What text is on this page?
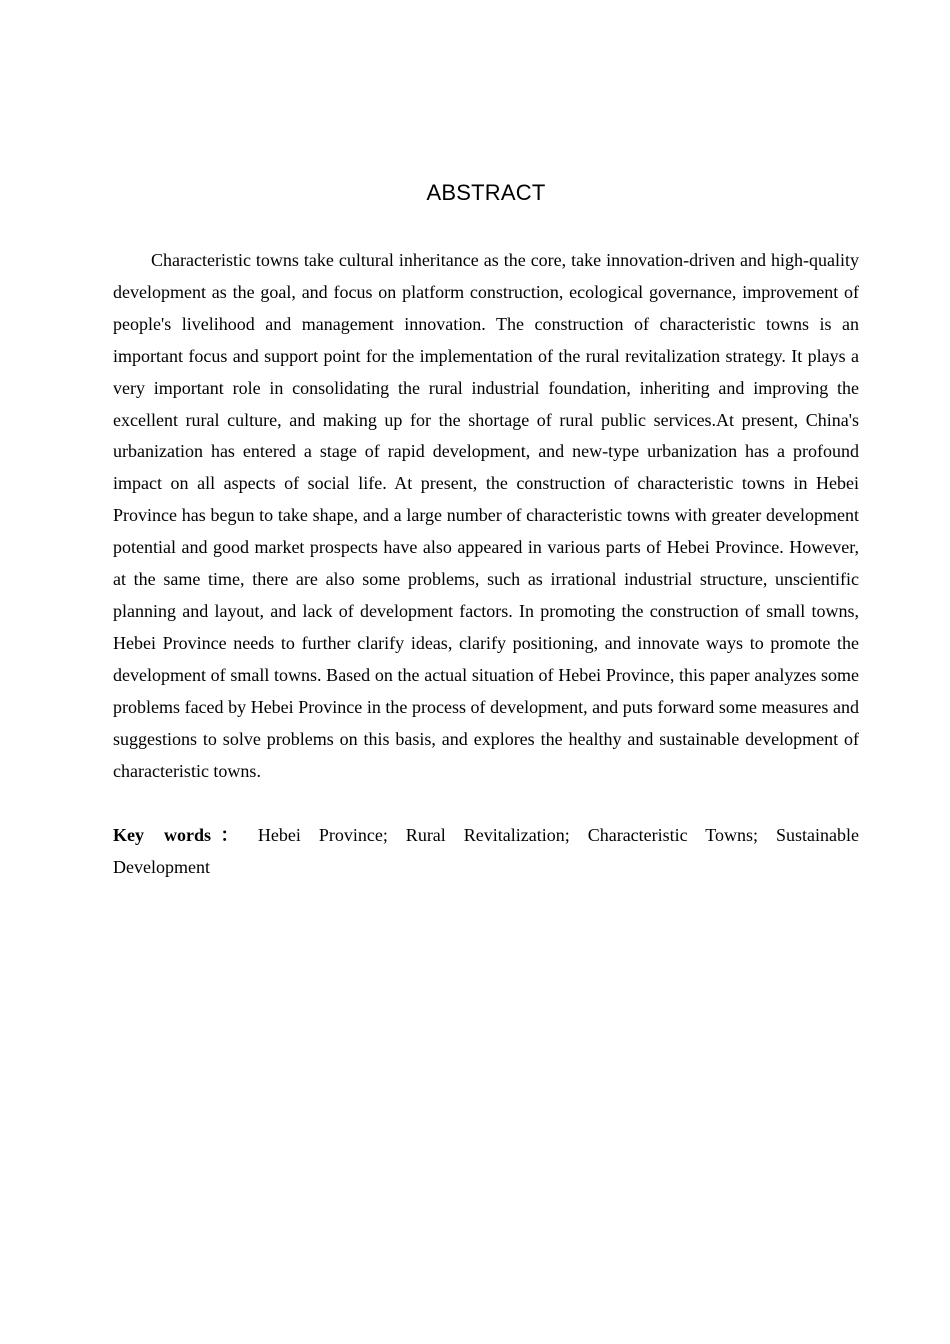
ABSTRACT

Characteristic towns take cultural inheritance as the core, take innovation-driven and high-quality development as the goal, and focus on platform construction, ecological governance, improvement of people's livelihood and management innovation. The construction of characteristic towns is an important focus and support point for the implementation of the rural revitalization strategy. It plays a very important role in consolidating the rural industrial foundation, inheriting and improving the excellent rural culture, and making up for the shortage of rural public services.At present, China's urbanization has entered a stage of rapid development, and new-type urbanization has a profound impact on all aspects of social life. At present, the construction of characteristic towns in Hebei Province has begun to take shape, and a large number of characteristic towns with greater development potential and good market prospects have also appeared in various parts of Hebei Province. However, at the same time, there are also some problems, such as irrational industrial structure, unscientific planning and layout, and lack of development factors. In promoting the construction of small towns, Hebei Province needs to further clarify ideas, clarify positioning, and innovate ways to promote the development of small towns. Based on the actual situation of Hebei Province, this paper analyzes some problems faced by Hebei Province in the process of development, and puts forward some measures and suggestions to solve problems on this basis, and explores the healthy and sustainable development of characteristic towns.

Key words： Hebei Province; Rural Revitalization; Characteristic Towns; Sustainable Development
